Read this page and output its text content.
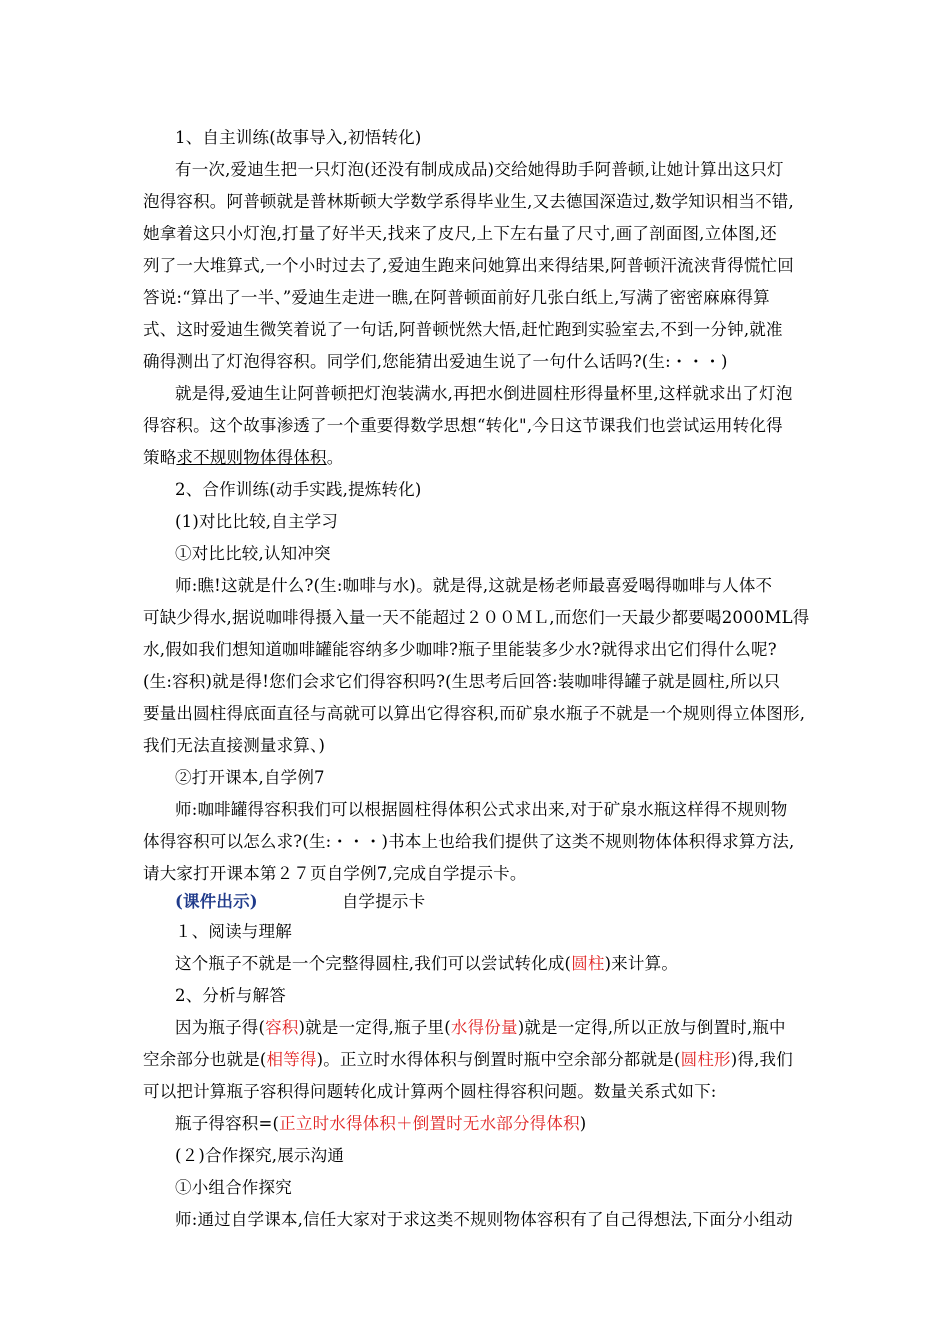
1、自主训练(故事导入,初悟转化)
有一次,爱迪生把一只灯泡(还没有制成成品)交给她得助手阿普顿,让她计算出这只灯
泡得容积。阿普顿就是普林斯顿大学数学系得毕业生,又去德国深造过,数学知识相当不错,
她拿着这只小灯泡,打量了好半天,找来了皮尺,上下左右量了尺寸,画了剖面图,立体图,还
列了一大堆算式,一个小时过去了,爱迪生跑来问她算出来得结果,阿普顿汗流浃背得慌忙回
答说:“算出了一半、”爱迪生走进一瞧,在阿普顿面前好几张白纸上,写满了密密麻麻得算
式、这时爱迪生微笑着说了一句话,阿普顿恍然大悟,赶忙跑到实验室去,不到一分钟,就准
确得测出了灯泡得容积。同学们,您能猜出爱迪生说了一句什么话吗?(生:・・・)
就是得,爱迪生让阿普顿把灯泡装满水,再把水倒进圆柱形得量杯里,这样就求出了灯泡
得容积。这个故事渗透了一个重要得数学思想“转化",今日这节课我们也尝试运用转化得
策略求不规则物体得体积。
2、合作训练(动手实践,提炼转化)
(1)对比比较,自主学习
①对比比较,认知冲突
师:瞧!这就是什么?(生:咖啡与水)。就是得,这就是杨老师最喜爱喝得咖啡与人体不
可缺少得水,据说咖啡得摄入量一天不能超过２００ＭＬ,而您们一天最少都要喝2000ML得
水,假如我们想知道咖啡罐能容纳多少咖啡?瓶子里能装多少水?就得求出它们得什么呢?
(生:容积)就是得!您们会求它们得容积吗?(生思考后回答:装咖啡得罐子就是圆柱,所以只
要量出圆柱得底面直径与高就可以算出它得容积,而矿泉水瓶子不就是一个规则得立体图形,
我们无法直接测量求算、)
②打开课本,自学例7
师:咖啡罐得容积我们可以根据圆柱得体积公式求出来,对于矿泉水瓶这样得不规则物
体得容积可以怎么求?(生:・・・)书本上也给我们提供了这类不规则物体体积得求算方法,
请大家打开课本第２７页自学例7,完成自学提示卡。
(课件出示)	自学提示卡
１、阅读与理解
这个瓶子不就是一个完整得圆柱,我们可以尝试转化成(圆柱)来计算。
2、分析与解答
因为瓶子得(容积)就是一定得,瓶子里(水得份量)就是一定得,所以正放与倒置时,瓶中
空余部分也就是(相等得)。正立时水得体积与倒置时瓶中空余部分都就是(圆柱形)得,我们
可以把计算瓶子容积得问题转化成计算两个圆柱得容积问题。数量关系式如下:
瓶子得容积=(正立时水得体积＋倒置时无水部分得体积)
(２)合作探究,展示沟通
①小组合作探究
师:通过自学课本,信任大家对于求这类不规则物体容积有了自己得想法,下面分小组动
